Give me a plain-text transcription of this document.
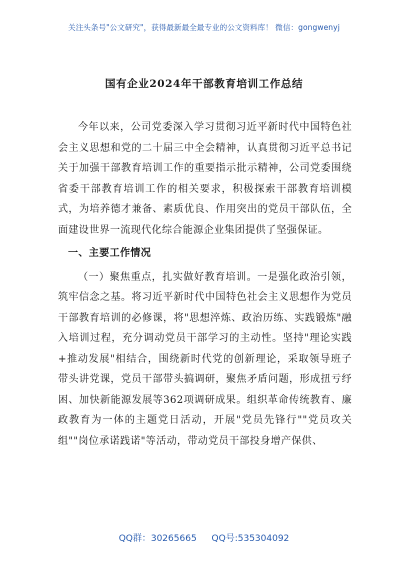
关注头条号"公文研究"，获得最新最全最专业的公文资料库！ 微信：gongwenyj
国有企业2024年干部教育培训工作总结

今年以来，公司党委深入学习贯彻习近平新时代中国特色社会主义思想和党的二十届三中全会精神，认真贯彻习近平总书记关于加强干部教育培训工作的重要指示批示精神，公司党委围绕省委干部教育培训工作的相关要求，积极探索干部教育培训模式，为培养德才兼备、素质优良、作用突出的党员干部队伍，全面建设世界一流现代化综合能源企业集团提供了坚强保证。

一、主要工作情况

（一）聚焦重点，扎实做好教育培训。一是强化政治引领，筑牢信念之基。将习近平新时代中国特色社会主义思想作为党员干部教育培训的必修课，将"思想淬炼、政治历练、实践锻炼"融入培训过程，充分调动党员干部学习的主动性。坚持"理论实践+推动发展"相结合，围绕新时代党的创新理论，采取领导班子带头讲党课，党员干部带头搞调研，聚焦矛盾问题，形成扭亏纾困、加快新能源发展等362项调研成果。组织革命传统教育、廉政教育为一体的主题党日活动，开展"党员先锋行""党员攻关组""岗位承诺践诺"等活动，带动党员干部投身增产保供、

QQ群：30265665 QQ号:535304092
